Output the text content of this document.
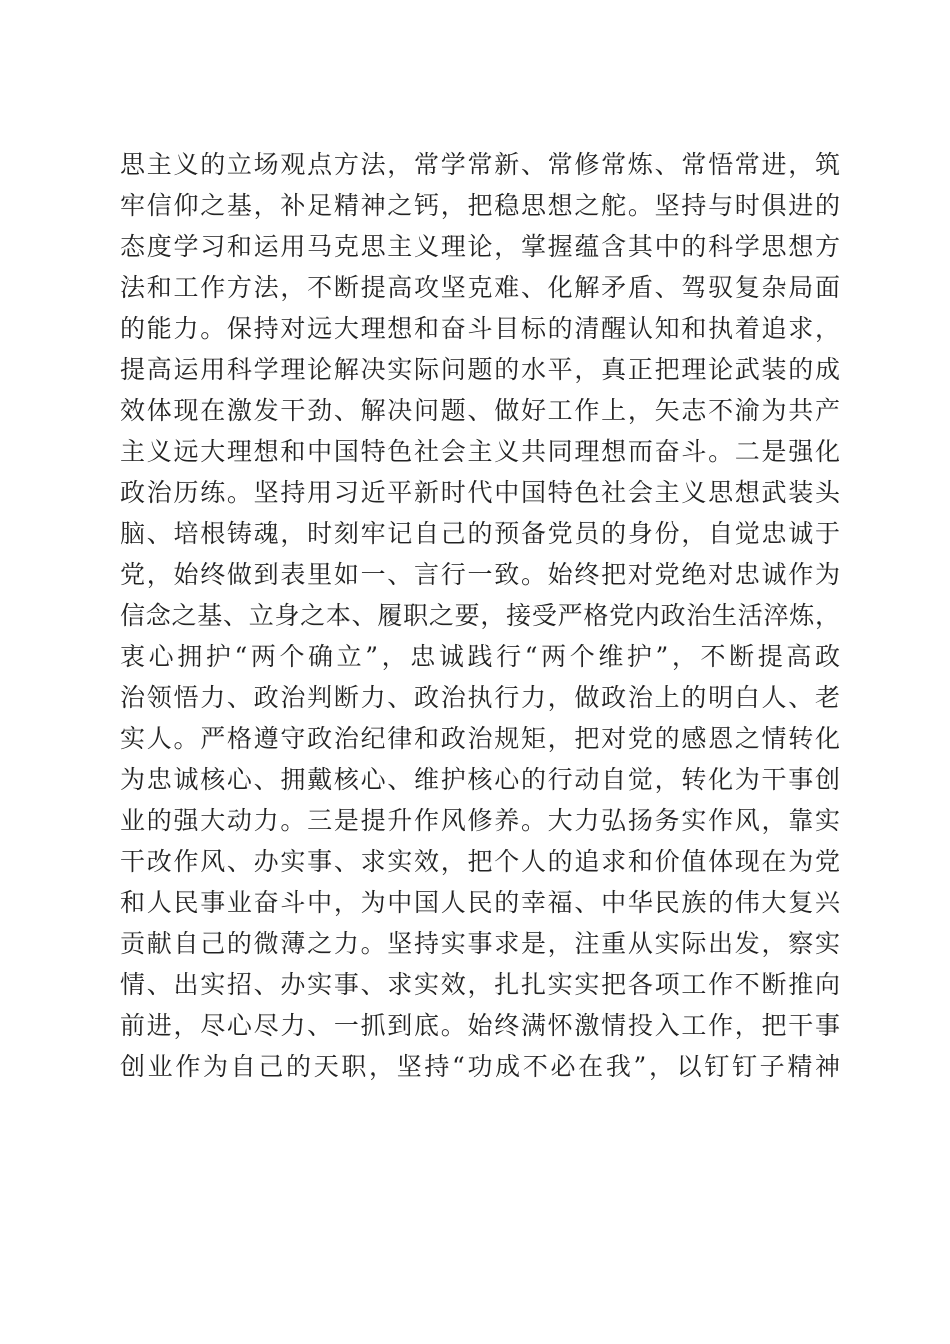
思主义的立场观点方法，常学常新、常修常炼、常悟常进，筑
牢信仰之基，补足精神之钙，把稳思想之舵。坚持与时俱进的
态度学习和运用马克思主义理论，掌握蕴含其中的科学思想方
法和工作方法，不断提高攻坚克难、化解矛盾、驾驭复杂局面
的能力。保持对远大理想和奋斗目标的清醒认知和执着追求，
提高运用科学理论解决实际问题的水平，真正把理论武装的成
效体现在激发干劲、解决问题、做好工作上，矢志不渝为共产
主义远大理想和中国特色社会主义共同理想而奋斗。二是强化
政治历练。坚持用习近平新时代中国特色社会主义思想武装头
脑、培根铸魂，时刻牢记自己的预备党员的身份，自觉忠诚于
党，始终做到表里如一、言行一致。始终把对党绝对忠诚作为
信念之基、立身之本、履职之要，接受严格党内政治生活淬炼，
衷心拥护“两个确立”，忠诚践行“两个维护”，不断提高政
治领悟力、政治判断力、政治执行力，做政治上的明白人、老
实人。严格遵守政治纪律和政治规矩，把对党的感恩之情转化
为忠诚核心、拥戴核心、维护核心的行动自觉，转化为干事创
业的强大动力。三是提升作风修养。大力弘扬务实作风，靠实
干改作风、办实事、求实效，把个人的追求和价值体现在为党
和人民事业奋斗中，为中国人民的幸福、中华民族的伟大复兴
贡献自己的微薄之力。坚持实事求是，注重从实际出发，察实
情、出实招、办实事、求实效，扎扎实实把各项工作不断推向
前进，尽心尽力、一抓到底。始终满怀激情投入工作，把干事
创业作为自己的天职，坚持“功成不必在我”，以钉钉子精神
